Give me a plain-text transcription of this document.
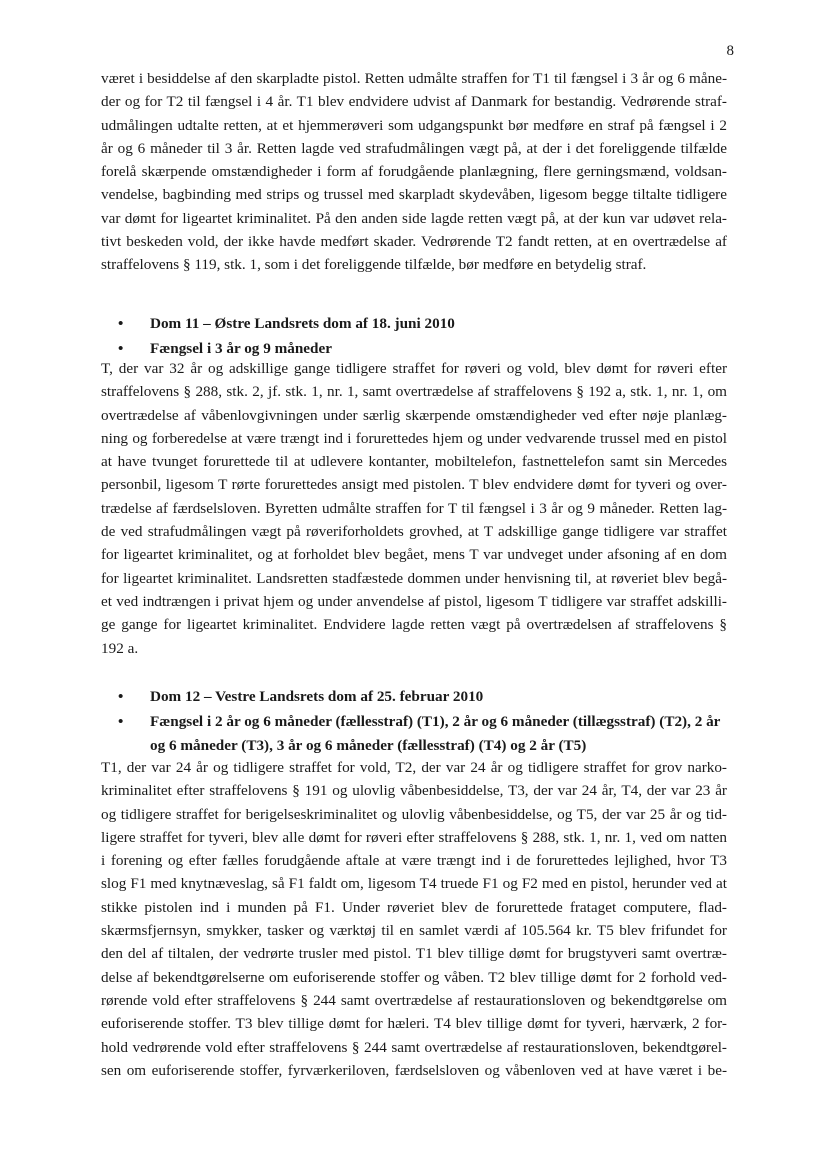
8
været i besiddelse af den skarpladte pistol. Retten udmålte straffen for T1 til fængsel i 3 år og 6 måne-
der og for T2 til fængsel i 4 år. T1 blev endvidere udvist af Danmark for bestandig. Vedrørende straf-
udmålingen udtalte retten, at et hjemmerøveri som udgangspunkt bør medføre en straf på fængsel i 2
år og 6 måneder til 3 år. Retten lagde ved strafudmålingen vægt på, at der i det foreliggende tilfælde
forelå skærpende omstændigheder i form af forudgående planlægning, flere gerningsmænd, voldsan-
vendelse, bagbinding med strips og trussel med skarpladt skydevåben, ligesom begge tiltalte tidligere
var dømt for ligeartet kriminalitet. På den anden side lagde retten vægt på, at der kun var udøvet rela-
tivt beskeden vold, der ikke havde medført skader. Vedrørende T2 fandt retten, at en overtrædelse af
straffelovens § 119, stk. 1, som i det foreliggende tilfælde, bør medføre en betydelig straf.
• Dom 11 – Østre Landsrets dom af 18. juni 2010
• Fængsel i 3 år og 9 måneder
T, der var 32 år og adskillige gange tidligere straffet for røveri og vold, blev dømt for røveri efter
straffelovens § 288, stk. 2, jf. stk. 1, nr. 1, samt overtrædelse af straffelovens § 192 a, stk. 1, nr. 1, om
overtrædelse af våbenlovgivningen under særlig skærpende omstændigheder ved efter nøje planlæg-
ning og forberedelse at være trængt ind i forurettedes hjem og under vedvarende trussel med en pistol
at have tvunget forurettede til at udlevere kontanter, mobiltelefon, fastnettelefon samt sin Mercedes
personbil, ligesom T rørte forurettedes ansigt med pistolen. T blev endvidere dømt for tyveri og over-
trædelse af færdselsloven. Byretten udmålte straffen for T til fængsel i 3 år og 9 måneder. Retten lag-
de ved strafudmålingen vægt på røveriforholdets grovhed, at T adskillige gange tidligere var straffet
for ligeartet kriminalitet, og at forholdet blev begået, mens T var undveget under afsoning af en dom
for ligeartet kriminalitet. Landsretten stadfæstede dommen under henvisning til, at røveriet blev begå-
et ved indtrængen i privat hjem og under anvendelse af pistol, ligesom T tidligere var straffet adskilli-
ge gange for ligeartet kriminalitet. Endvidere lagde retten vægt på overtrædelsen af straffelovens §
192 a.
• Dom 12 – Vestre Landsrets dom af 25. februar 2010
• Fængsel i 2 år og 6 måneder (fællesstraf) (T1), 2 år og 6 måneder (tillægsstraf) (T2), 2 år
og 6 måneder (T3), 3 år og 6 måneder (fællesstraf) (T4) og 2 år (T5)
T1, der var 24 år og tidligere straffet for vold, T2, der var 24 år og tidligere straffet for grov narko-
kriminalitet efter straffelovens § 191 og ulovlig våbenbesiddelse, T3, der var 24 år, T4, der var 23 år
og tidligere straffet for berigelseskriminalitet og ulovlig våbenbesiddelse, og T5, der var 25 år og tid-
ligere straffet for tyveri, blev alle dømt for røveri efter straffelovens § 288, stk. 1, nr. 1, ved om natten
i forening og efter fælles forudgående aftale at være trængt ind i de forurettedes lejlighed, hvor T3
slog F1 med knytnæveslag, så F1 faldt om, ligesom T4 truede F1 og F2 med en pistol, herunder ved at
stikke pistolen ind i munden på F1. Under røveriet blev de forurettede frataget computere, flad-
skærmsfjernsyn, smykker, tasker og værktøj til en samlet værdi af 105.564 kr. T5 blev frifundet for
den del af tiltalen, der vedrørte trusler med pistol. T1 blev tillige dømt for brugstyveri samt overtræ-
delse af bekendtgørelserne om euforiserende stoffer og våben. T2 blev tillige dømt for 2 forhold ved-
rørende vold efter straffelovens § 244 samt overtrædelse af restaurationsloven og bekendtgørelse om
euforiserende stoffer. T3 blev tillige dømt for hæleri. T4 blev tillige dømt for tyveri, hærværk, 2 for-
hold vedrørende vold efter straffelovens § 244 samt overtrædelse af restaurationsloven, bekendtgørel-
sen om euforiserende stoffer, fyrværkeriloven, færdselsloven og våbenloven ved at have været i be-
